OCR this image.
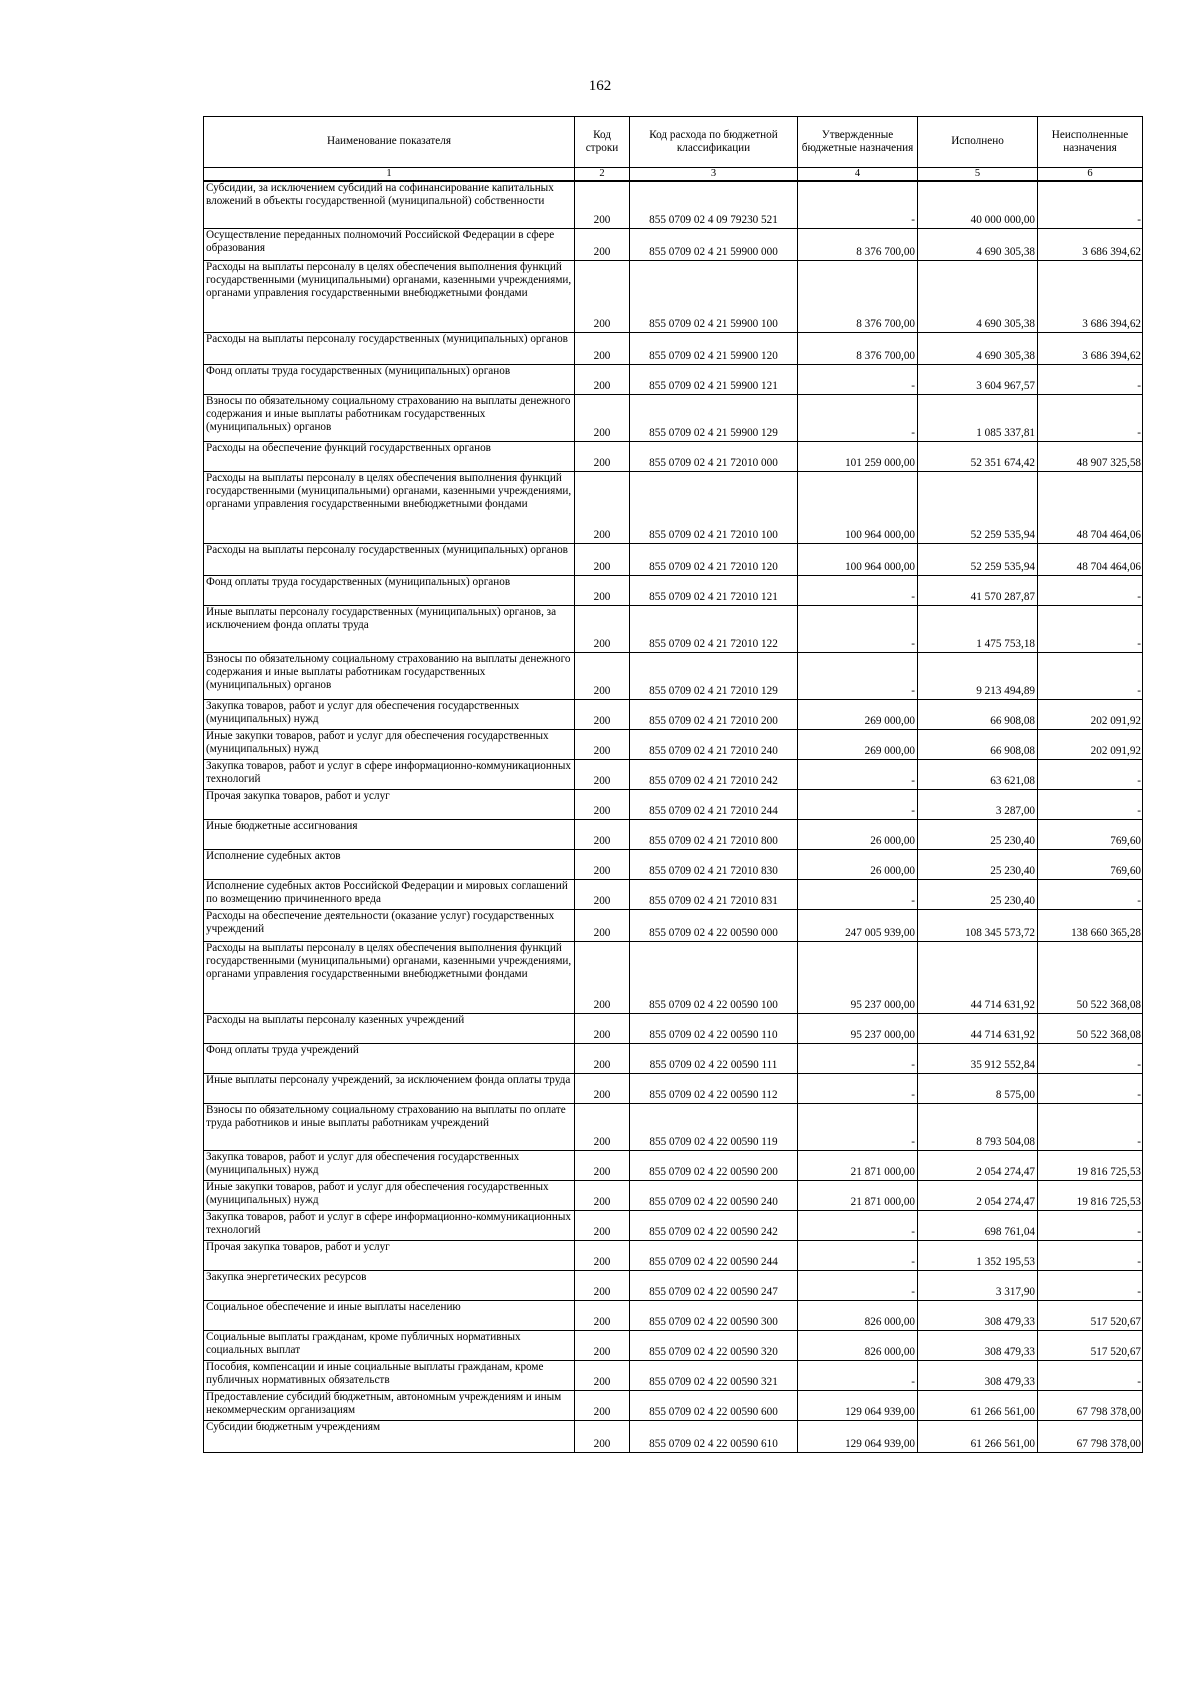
162
Наименование показателя	Код строки	Код расхода по бюджетной классификации	Утвержденные бюджетные назначения	Исполнено	Неисполненные назначения
1	2	3	4	5	6
Субсидии, за исключением субсидий на софинансирование капитальных вложений в объекты государственной (муниципальной) собственности	200	855 0709 02 4 09 79230 521	-	40 000 000,00	-
Осуществление переданных полномочий Российской Федерации в сфере образования	200	855 0709 02 4 21 59900 000	8 376 700,00	4 690 305,38	3 686 394,62
Расходы на выплаты персоналу в целях обеспечения выполнения функций государственными (муниципальными) органами, казенными учреждениями, органами управления государственными внебюджетными фондами	200	855 0709 02 4 21 59900 100	8 376 700,00	4 690 305,38	3 686 394,62
Расходы на выплаты персоналу государственных (муниципальных) органов	200	855 0709 02 4 21 59900 120	8 376 700,00	4 690 305,38	3 686 394,62
Фонд оплаты труда государственных (муниципальных) органов	200	855 0709 02 4 21 59900 121	-	3 604 967,57	-
Взносы по обязательному социальному страхованию на выплаты денежного содержания и иные выплаты работникам государственных (муниципальных) органов	200	855 0709 02 4 21 59900 129	-	1 085 337,81	-
Расходы на обеспечение функций государственных органов	200	855 0709 02 4 21 72010 000	101 259 000,00	52 351 674,42	48 907 325,58
Расходы на выплаты персоналу в целях обеспечения выполнения функций государственными (муниципальными) органами, казенными учреждениями, органами управления государственными внебюджетными фондами	200	855 0709 02 4 21 72010 100	100 964 000,00	52 259 535,94	48 704 464,06
Расходы на выплаты персоналу государственных (муниципальных) органов	200	855 0709 02 4 21 72010 120	100 964 000,00	52 259 535,94	48 704 464,06
Фонд оплаты труда государственных (муниципальных) органов	200	855 0709 02 4 21 72010 121	-	41 570 287,87	-
Иные выплаты персоналу государственных (муниципальных) органов, за исключением фонда оплаты труда	200	855 0709 02 4 21 72010 122	-	1 475 753,18	-
Взносы по обязательному социальному страхованию на выплаты денежного содержания и иные выплаты работникам государственных (муниципальных) органов	200	855 0709 02 4 21 72010 129	-	9 213 494,89	-
Закупка товаров, работ и услуг для обеспечения государственных (муниципальных) нужд	200	855 0709 02 4 21 72010 200	269 000,00	66 908,08	202 091,92
Иные закупки товаров, работ и услуг для обеспечения государственных (муниципальных) нужд	200	855 0709 02 4 21 72010 240	269 000,00	66 908,08	202 091,92
Закупка товаров, работ и услуг в сфере информационно-коммуникационных технологий	200	855 0709 02 4 21 72010 242	-	63 621,08	-
Прочая закупка товаров, работ и услуг	200	855 0709 02 4 21 72010 244	-	3 287,00	-
Иные бюджетные ассигнования	200	855 0709 02 4 21 72010 800	26 000,00	25 230,40	769,60
Исполнение судебных актов	200	855 0709 02 4 21 72010 830	26 000,00	25 230,40	769,60
Исполнение судебных актов Российской Федерации и мировых соглашений по возмещению причиненного вреда	200	855 0709 02 4 21 72010 831	-	25 230,40	-
Расходы на обеспечение деятельности (оказание услуг) государственных учреждений	200	855 0709 02 4 22 00590 000	247 005 939,00	108 345 573,72	138 660 365,28
Расходы на выплаты персоналу в целях обеспечения выполнения функций государственными (муниципальными) органами, казенными учреждениями, органами управления государственными внебюджетными фондами	200	855 0709 02 4 22 00590 100	95 237 000,00	44 714 631,92	50 522 368,08
Расходы на выплаты персоналу казенных учреждений	200	855 0709 02 4 22 00590 110	95 237 000,00	44 714 631,92	50 522 368,08
Фонд оплаты труда учреждений	200	855 0709 02 4 22 00590 111	-	35 912 552,84	-
Иные выплаты персоналу учреждений, за исключением фонда оплаты труда	200	855 0709 02 4 22 00590 112	-	8 575,00	-
Взносы по обязательному социальному страхованию на выплаты по оплате труда работников и иные выплаты работникам учреждений	200	855 0709 02 4 22 00590 119	-	8 793 504,08	-
Закупка товаров, работ и услуг для обеспечения государственных (муниципальных) нужд	200	855 0709 02 4 22 00590 200	21 871 000,00	2 054 274,47	19 816 725,53
Иные закупки товаров, работ и услуг для обеспечения государственных (муниципальных) нужд	200	855 0709 02 4 22 00590 240	21 871 000,00	2 054 274,47	19 816 725,53
Закупка товаров, работ и услуг в сфере информационно-коммуникационных технологий	200	855 0709 02 4 22 00590 242	-	698 761,04	-
Прочая закупка товаров, работ и услуг	200	855 0709 02 4 22 00590 244	-	1 352 195,53	-
Закупка энергетических ресурсов	200	855 0709 02 4 22 00590 247	-	3 317,90	-
Социальное обеспечение и иные выплаты населению	200	855 0709 02 4 22 00590 300	826 000,00	308 479,33	517 520,67
Социальные выплаты гражданам, кроме публичных нормативных социальных выплат	200	855 0709 02 4 22 00590 320	826 000,00	308 479,33	517 520,67
Пособия, компенсации и иные социальные выплаты гражданам, кроме публичных нормативных обязательств	200	855 0709 02 4 22 00590 321	-	308 479,33	-
Предоставление субсидий бюджетным, автономным учреждениям и иным некоммерческим организациям	200	855 0709 02 4 22 00590 600	129 064 939,00	61 266 561,00	67 798 378,00
Субсидии бюджетным учреждениям	200	855 0709 02 4 22 00590 610	129 064 939,00	61 266 561,00	67 798 378,00
